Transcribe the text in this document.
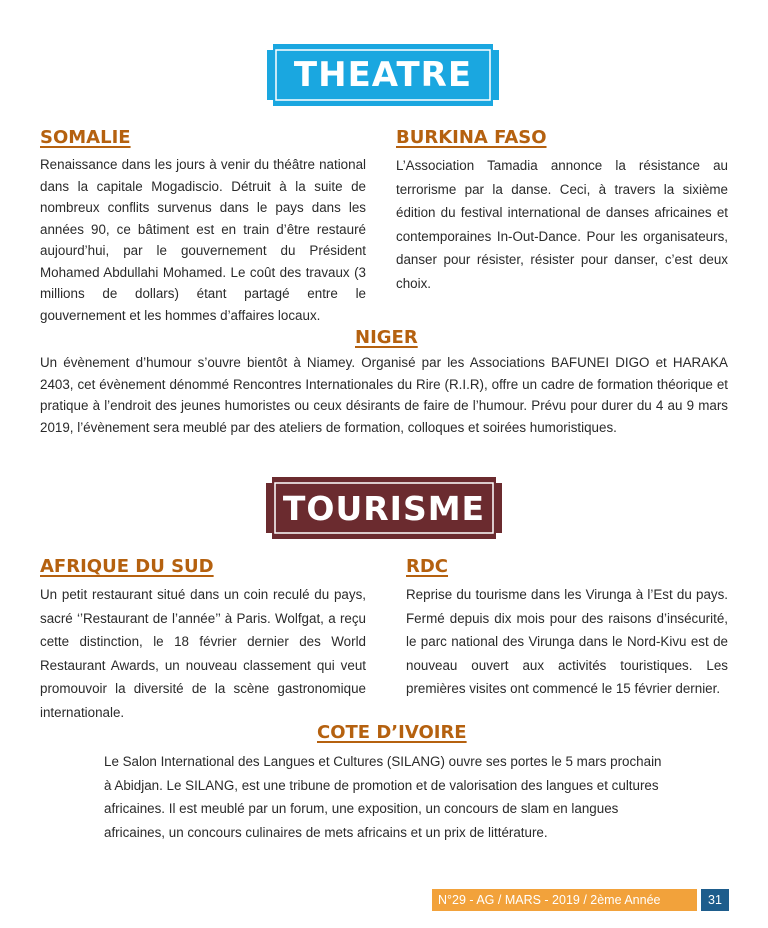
THEATRE
SOMALIE
Renaissance dans les jours à venir du théâtre national dans la capitale Mogadiscio. Détruit à la suite de nombreux conflits survenus dans le pays dans les années 90, ce bâtiment est en train d’être restauré aujourd’hui, par le gouvernement du Président Mohamed Abdullahi Mohamed. Le coût des travaux (3 millions de dollars) étant partagé entre le gouvernement et les hommes d’affaires locaux.
BURKINA FASO
L’Association Tamadia annonce la résistance au terrorisme par la danse. Ceci, à travers la sixième édition du festival international de danses africaines et contemporaines In-Out-Dance. Pour les organisateurs, danser pour résister, résister pour danser, c’est deux choix.
NIGER
Un évènement d’humour s’ouvre bientôt à Niamey. Organisé par les Associations BAFUNEI DIGO et HARAKA 2403, cet évènement dénommé Rencontres Internationales du Rire (R.I.R), offre un cadre de formation théorique et pratique à l’endroit des jeunes humoristes ou ceux désirants de faire de l’humour. Prévu pour durer du 4 au 9 mars 2019, l’évènement sera meublé par des ateliers de formation, colloques et soirées humoristiques.
TOURISME
AFRIQUE DU SUD
Un petit restaurant situé dans un coin reculé du pays, sacré ‘’Restaurant de l’année’’ à Paris. Wolfgat, a reçu cette distinction, le 18 février dernier des World Restaurant Awards, un nouveau classement qui veut promouvoir la diversité de la scène gastronomique internationale.
RDC
Reprise du tourisme dans les Virunga à l’Est du pays. Fermé depuis dix mois pour des raisons d’insécurité, le parc national des Virunga dans le Nord-Kivu est de nouveau ouvert aux activités touristiques. Les premières visites ont commencé le 15 février dernier.
COTE D’IVOIRE
Le Salon International des Langues et Cultures (SILANG) ouvre ses portes le 5 mars prochain à Abidjan. Le SILANG, est une tribune de promotion et de valorisation des langues et cultures africaines. Il est meublé par un forum, une exposition, un concours de slam en langues africaines, un concours culinaires de mets africains et un prix de littérature.
N°29 - AG / MARS - 2019 / 2ème Année	31
